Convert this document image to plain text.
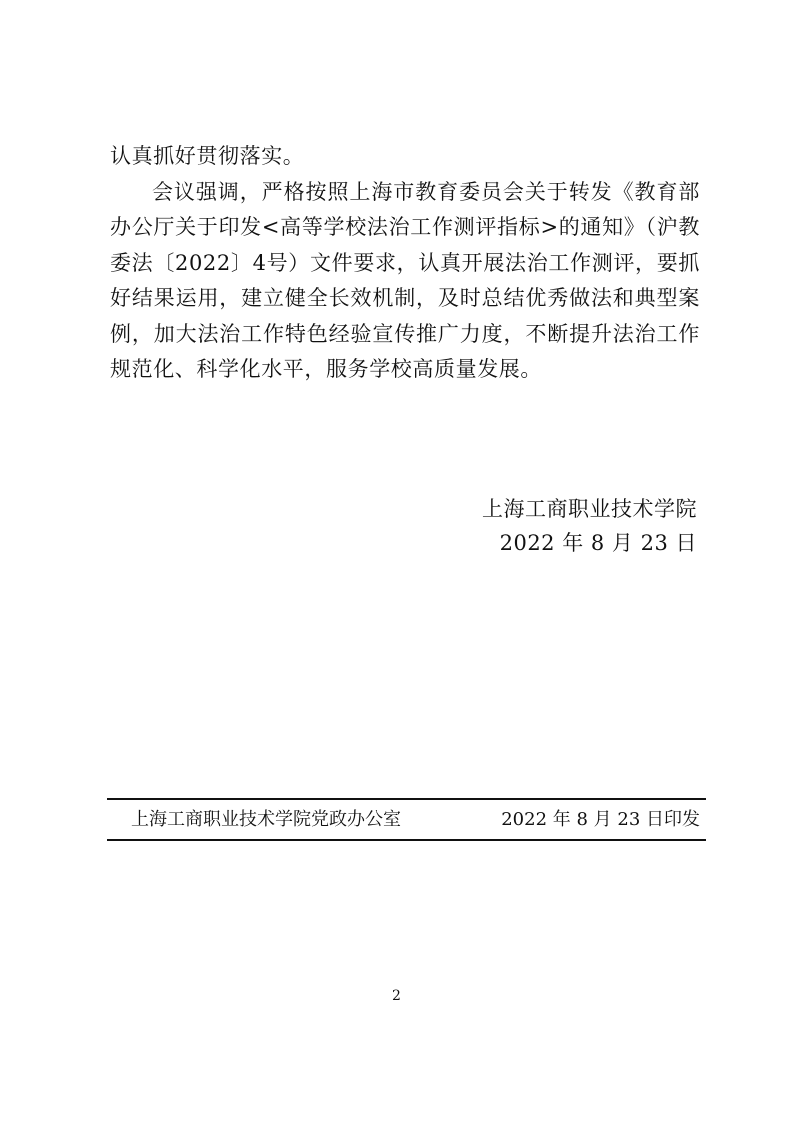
认真抓好贯彻落实。

会议强调，严格按照上海市教育委员会关于转发《教育部办公厅关于印发<高等学校法治工作测评指标>的通知》（沪教委法〔2022〕4号）文件要求，认真开展法治工作测评，要抓好结果运用，建立健全长效机制，及时总结优秀做法和典型案例，加大法治工作特色经验宣传推广力度，不断提升法治工作规范化、科学化水平，服务学校高质量发展。

上海工商职业技术学院
2022 年 8 月 23 日
上海工商职业技术学院党政办公室	2022 年 8 月 23 日印发
2
